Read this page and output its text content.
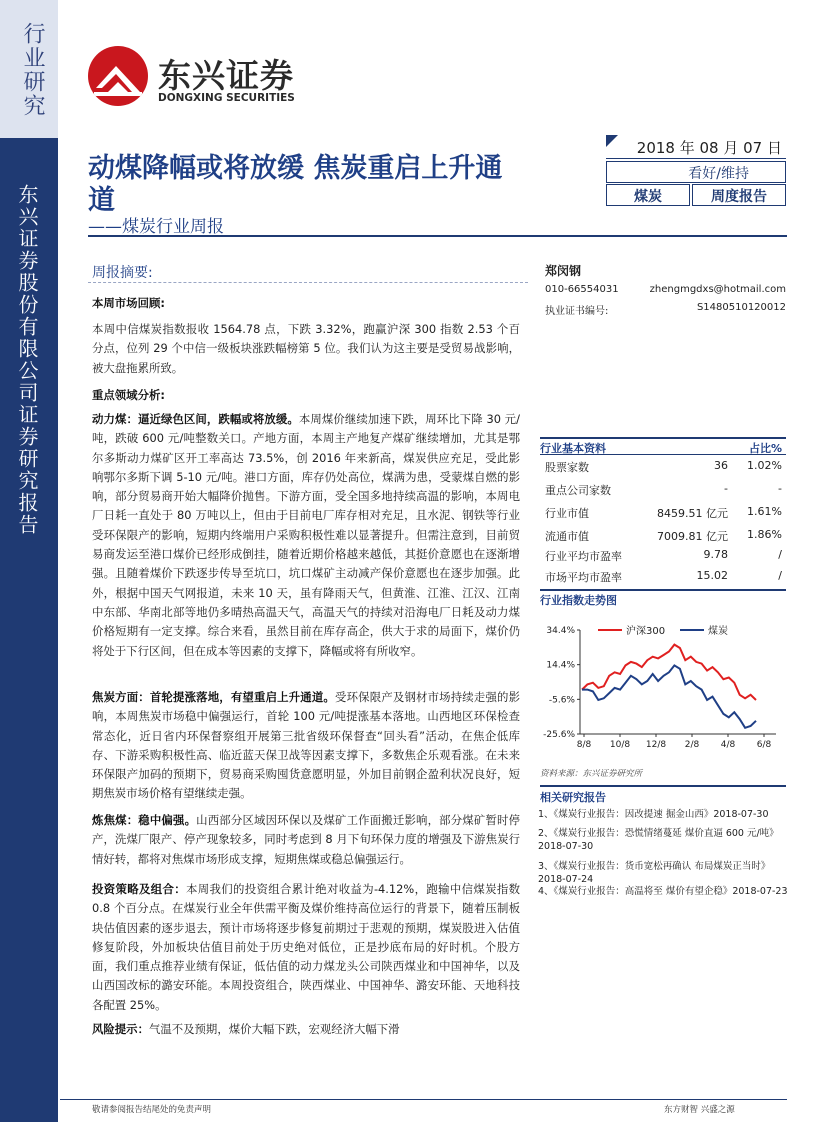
行业研究
东兴证券股份有限公司证券研究报告
东兴证券
DONGXING SECURITIES
动煤降幅或将放缓 焦炭重启上升通
道
——煤炭行业周报
2018 年 08 月 07 日
看好/维持
煤炭	周度报告
周报摘要:
本周市场回顾:
本周中信煤炭指数报收 1564.78 点，下跌 3.32%，跑赢沪深 300 指数 2.53 个百分点，位列 29 个中信一级板块涨跌幅榜第 5 位。我们认为这主要是受贸易战影响，被大盘拖累所致。
重点领域分析:
动力煤：逼近绿色区间，跌幅或将放缓。本周煤价继续加速下跌，周环比下降 30 元/吨，跌破 600 元/吨整数关口。产地方面，本周主产地复产煤矿继续增加，尤其是鄂尔多斯动力煤矿区开工率高达 73.5%，创 2016 年来新高，煤炭供应充足，受此影响鄂尔多斯下调 5-10 元/吨。港口方面，库存仍处高位，煤满为患，受蒙煤自燃的影响，部分贸易商开始大幅降价抛售。下游方面，受全国多地持续高温的影响，本周电厂日耗一直处于 80 万吨以上，但由于目前电厂库存相对充足，且水泥、钢铁等行业受环保限产的影响，短期内终端用户采购积极性难以显著提升。但需注意到，目前贸易商发运至港口煤价已经形成倒挂，随着近期价格越来越低，其挺价意愿也在逐渐增强。且随着煤价下跌逐步传导至坑口，坑口煤矿主动减产保价意愿也在逐步加强。此外，根据中国天气网报道，未来 10 天，虽有降雨天气，但黄淮、江淮、江汉、江南中东部、华南北部等地仍多晴热高温天气，高温天气的持续对沿海电厂日耗及动力煤价格短期有一定支撑。综合来看，虽然目前在库存高企，供大于求的局面下，煤价仍将处于下行区间，但在成本等因素的支撑下，降幅或将有所收窄。
焦炭方面：首轮提涨落地，有望重启上升通道。受环保限产及钢材市场持续走强的影响，本周焦炭市场稳中偏强运行，首轮 100 元/吨提涨基本落地。山西地区环保检查常态化，近日省内环保督察组开展第三批省级环保督查“回头看”活动，在焦企低库存、下游采购积极性高、临近蓝天保卫战等因素支撑下，多数焦企乐观看涨。在未来环保限产加码的预期下，贸易商采购囤货意愿明显，外加目前钢企盈利状况良好，短期焦炭市场价格有望继续走强。
炼焦煤：稳中偏强。山西部分区域因环保以及煤矿工作面搬迁影响，部分煤矿暂时停产，洗煤厂限产、停产现象较多，同时考虑到 8 月下旬环保力度的增强及下游焦炭行情好转，都将对焦煤市场形成支撑，短期焦煤或稳总偏强运行。
投资策略及组合：本周我们的投资组合累计绝对收益为-4.12%，跑输中信煤炭指数 0.8 个百分点。在煤炭行业全年供需平衡及煤价维持高位运行的背景下，随着压制板块估值因素的逐步退去，预计市场将逐步修复前期过于悲观的预期，煤炭股进入估值修复阶段，外加板块估值目前处于历史绝对低位，正是抄底布局的好时机。个股方面，我们重点推荐业绩有保证，低估值的动力煤龙头公司陕西煤业和中国神华，以及山西国改标的潞安环能。本周投资组合，陕西煤业、中国神华、潞安环能、天地科技各配置 25%。
风险提示：气温不及预期，煤价大幅下跌，宏观经济大幅下滑
郑闵钢
010-66554031	zhengmgdxs@hotmail.com
执业证书编号:	S1480510120012
行业基本资料	占比%
股票家数	36 1.02%
重点公司家数	-	-
行业市值	8459.51 亿元 1.61%
流通市值	7009.81 亿元 1.86%
行业平均市盈率	9.78	/
市场平均市盈率	15.02	/
行业指数走势图
34.4%
14.4%
-5.6%
-25.6%
8/8 10/8 12/8 2/8 4/8 6/8
沪深300	煤炭
资料来源：东兴证券研究所
相关研究报告
1、《煤炭行业报告：因改提速 掘金山西》2018-07-30
2、《煤炭行业报告：恐慌情绪蔓延 煤价直逼 600 元/吨》2018-07-30
3、《煤炭行业报告：货币宽松再确认 布局煤炭正当时》2018-07-24
4、《煤炭行业报告：高温将至 煤价有望企稳》2018-07-23
敬请参阅报告结尾处的免责声明	东方财智 兴盛之源
